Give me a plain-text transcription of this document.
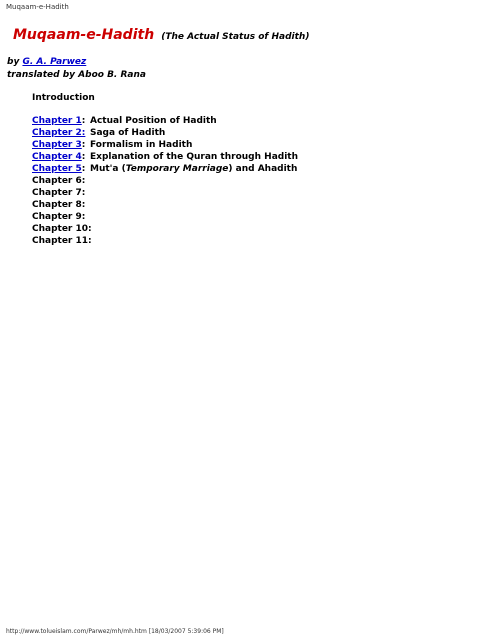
Muqaam-e-Hadith
Muqaam-e-Hadith (The Actual Status of Hadith)
by G. A. Parwez
translated by Aboo B. Rana
Introduction
Chapter 1: Actual Position of Hadith
Chapter 2: Saga of Hadith
Chapter 3: Formalism in Hadith
Chapter 4: Explanation of the Quran through Hadith
Chapter 5: Mut'a (Temporary Marriage) and Ahadith
Chapter 6:
Chapter 7:
Chapter 8:
Chapter 9:
Chapter 10:
Chapter 11:
http://www.tolueislam.com/Parwez/mh/mh.htm [18/03/2007 5:39:06 PM]
